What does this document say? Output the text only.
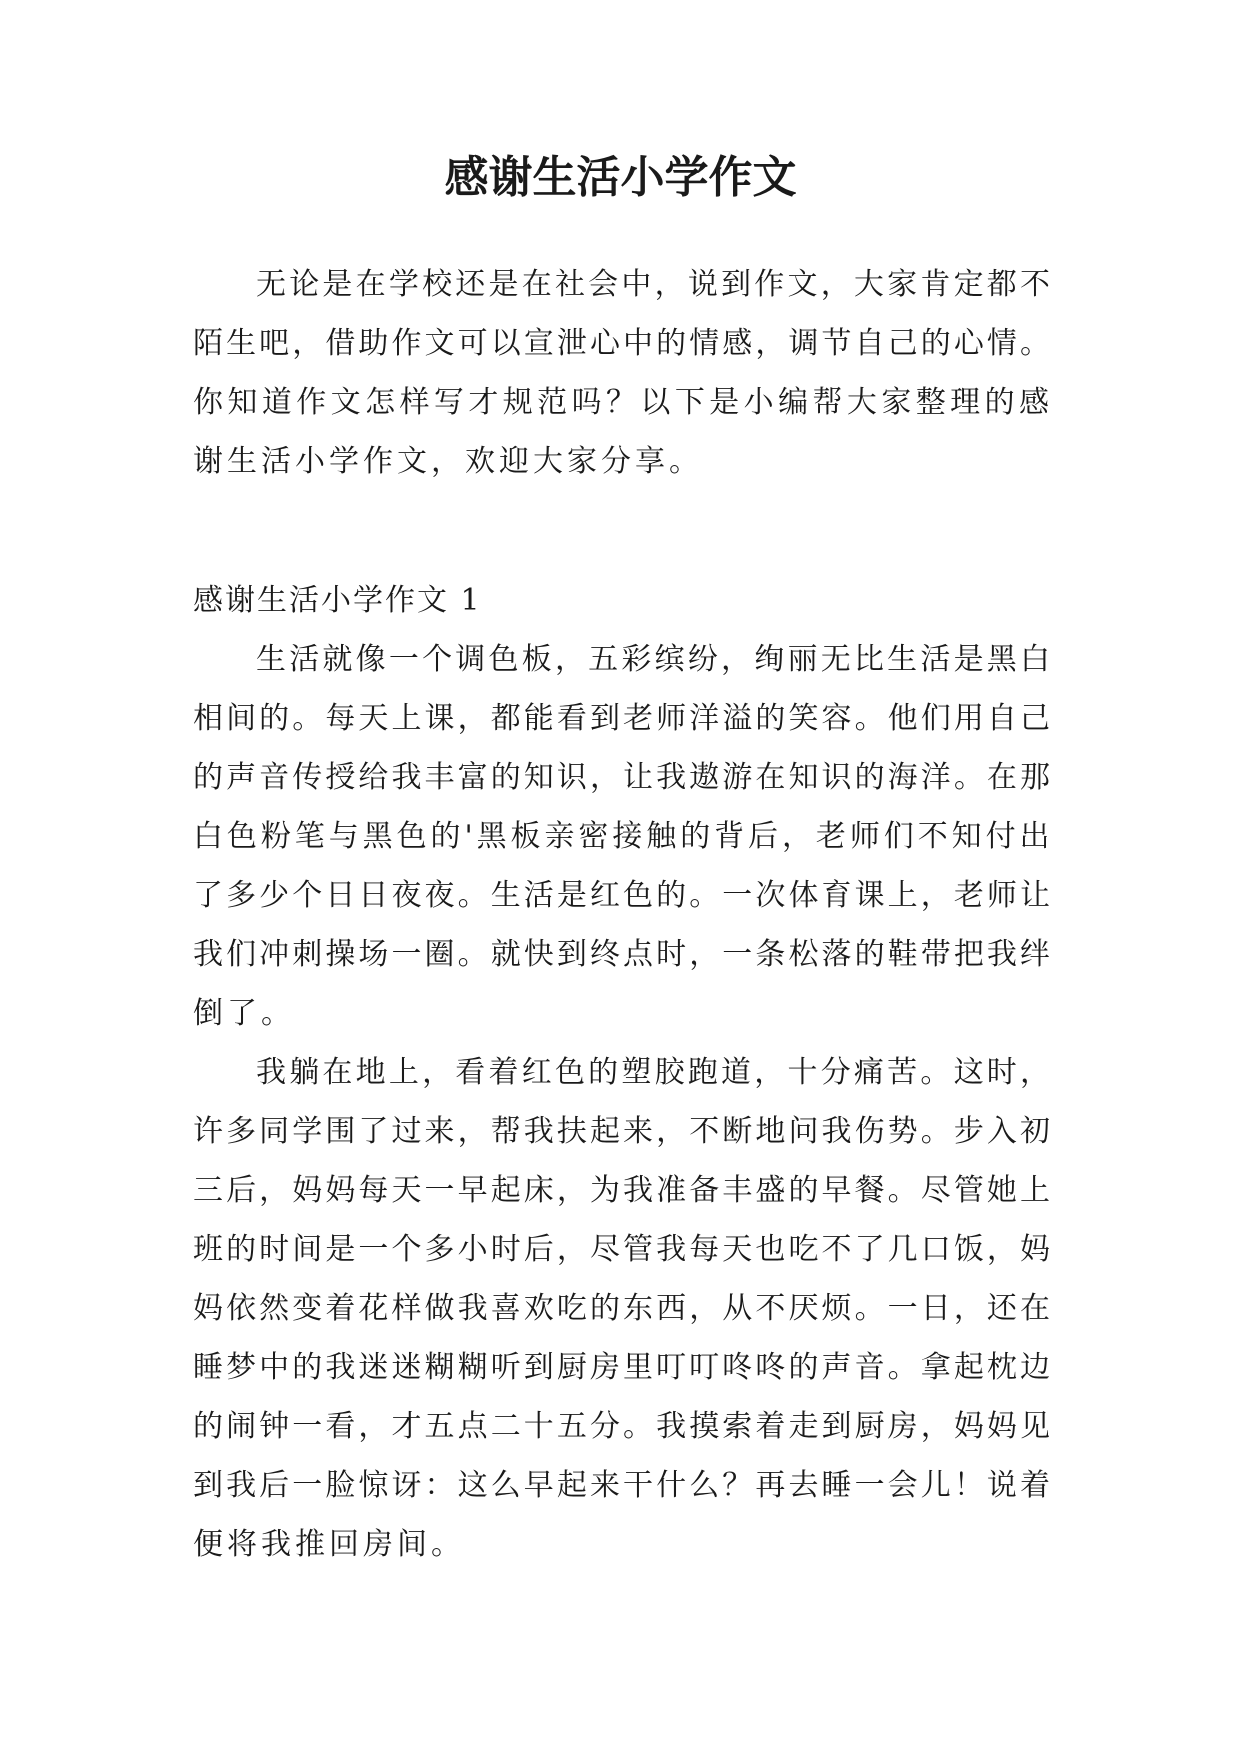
感谢生活小学作文
无论是在学校还是在社会中，说到作文，大家肯定都不
陌生吧，借助作文可以宣泄心中的情感，调节自己的心情。
你知道作文怎样写才规范吗？以下是小编帮大家整理的感
谢生活小学作文，欢迎大家分享。
感谢生活小学作文 1
生活就像一个调色板，五彩缤纷，绚丽无比生活是黑白
相间的。每天上课，都能看到老师洋溢的笑容。他们用自己
的声音传授给我丰富的知识，让我遨游在知识的海洋。在那
白色粉笔与黑色的'黑板亲密接触的背后，老师们不知付出
了多少个日日夜夜。生活是红色的。一次体育课上，老师让
我们冲刺操场一圈。就快到终点时，一条松落的鞋带把我绊
倒了。
我躺在地上，看着红色的塑胶跑道，十分痛苦。这时，
许多同学围了过来，帮我扶起来，不断地问我伤势。步入初
三后，妈妈每天一早起床，为我准备丰盛的早餐。尽管她上
班的时间是一个多小时后，尽管我每天也吃不了几口饭，妈
妈依然变着花样做我喜欢吃的东西，从不厌烦。一日，还在
睡梦中的我迷迷糊糊听到厨房里叮叮咚咚的声音。拿起枕边
的闹钟一看，才五点二十五分。我摸索着走到厨房，妈妈见
到我后一脸惊讶：这么早起来干什么？再去睡一会儿！说着
便将我推回房间。
